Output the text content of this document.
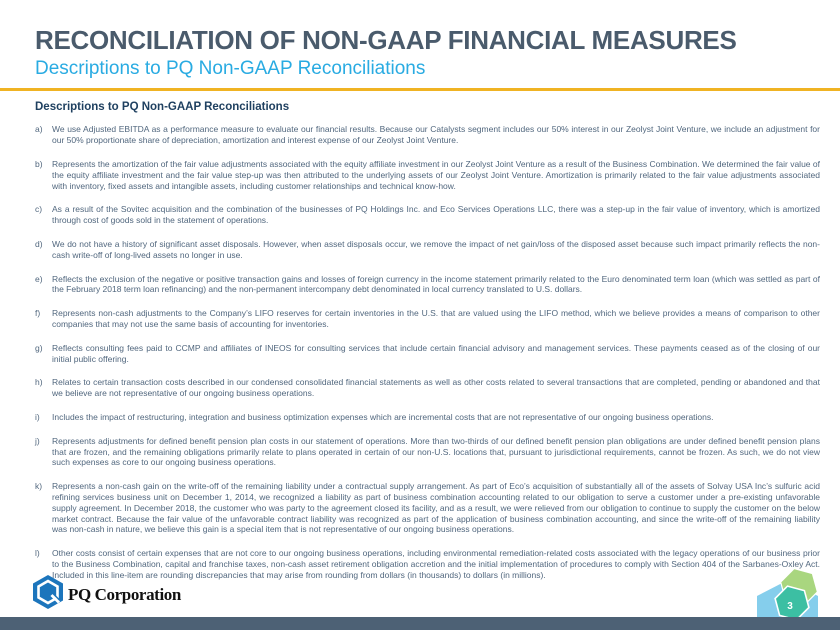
RECONCILIATION OF NON-GAAP FINANCIAL MEASURES
Descriptions to PQ Non-GAAP Reconciliations
Descriptions to PQ Non-GAAP Reconciliations
a)	We use Adjusted EBITDA as a performance measure to evaluate our financial results. Because our Catalysts segment includes our 50% interest in our Zeolyst Joint Venture, we include an adjustment for our 50% proportionate share of depreciation, amortization and interest expense of our Zeolyst Joint Venture.
b)	Represents the amortization of the fair value adjustments associated with the equity affiliate investment in our Zeolyst Joint Venture as a result of the Business Combination. We determined the fair value of the equity affiliate investment and the fair value step-up was then attributed to the underlying assets of our Zeolyst Joint Venture. Amortization is primarily related to the fair value adjustments associated with inventory, fixed assets and intangible assets, including customer relationships and technical know-how.
c)	As a result of the Sovitec acquisition and the combination of the businesses of PQ Holdings Inc. and Eco Services Operations LLC, there was a step-up in the fair value of inventory, which is amortized through cost of goods sold in the statement of operations.
d)	We do not have a history of significant asset disposals. However, when asset disposals occur, we remove the impact of net gain/loss of the disposed asset because such impact primarily reflects the non-cash write-off of long-lived assets no longer in use.
e)	Reflects the exclusion of the negative or positive transaction gains and losses of foreign currency in the income statement primarily related to the Euro denominated term loan (which was settled as part of the February 2018 term loan refinancing) and the non-permanent intercompany debt denominated in local currency translated to U.S. dollars.
f)	Represents non-cash adjustments to the Company’s LIFO reserves for certain inventories in the U.S. that are valued using the LIFO method, which we believe provides a means of comparison to other companies that may not use the same basis of accounting for inventories.
g)	Reflects consulting fees paid to CCMP and affiliates of INEOS for consulting services that include certain financial advisory and management services. These payments ceased as of the closing of our initial public offering.
h)	Relates to certain transaction costs described in our condensed consolidated financial statements as well as other costs related to several transactions that are completed, pending or abandoned and that we believe are not representative of our ongoing business operations.
i)	Includes the impact of restructuring, integration and business optimization expenses which are incremental costs that are not representative of our ongoing business operations.
j)	Represents adjustments for defined benefit pension plan costs in our statement of operations. More than two-thirds of our defined benefit pension plan obligations are under defined benefit pension plans that are frozen, and the remaining obligations primarily relate to plans operated in certain of our non-U.S. locations that, pursuant to jurisdictional requirements, cannot be frozen. As such, we do not view such expenses as core to our ongoing business operations.
k)	Represents a non-cash gain on the write-off of the remaining liability under a contractual supply arrangement. As part of Eco’s acquisition of substantially all of the assets of Solvay USA Inc’s sulfuric acid refining services business unit on December 1, 2014, we recognized a liability as part of business combination accounting related to our obligation to serve a customer under a pre-existing unfavorable supply agreement. In December 2018, the customer who was party to the agreement closed its facility, and as a result, we were relieved from our obligation to continue to supply the customer on the below market contract. Because the fair value of the unfavorable contract liability was recognized as part of the application of business combination accounting, and since the write-off of the remaining liability was non-cash in nature, we believe this gain is a special item that is not representative of our ongoing business operations.
l)	Other costs consist of certain expenses that are not core to our ongoing business operations, including environmental remediation-related costs associated with the legacy operations of our business prior to the Business Combination, capital and franchise taxes, non-cash asset retirement obligation accretion and the initial implementation of procedures to comply with Section 404 of the Sarbanes-Oxley Act. Included in this line-item are rounding discrepancies that may arise from rounding from dollars (in thousands) to dollars (in millions).
PQ Corporation
3
